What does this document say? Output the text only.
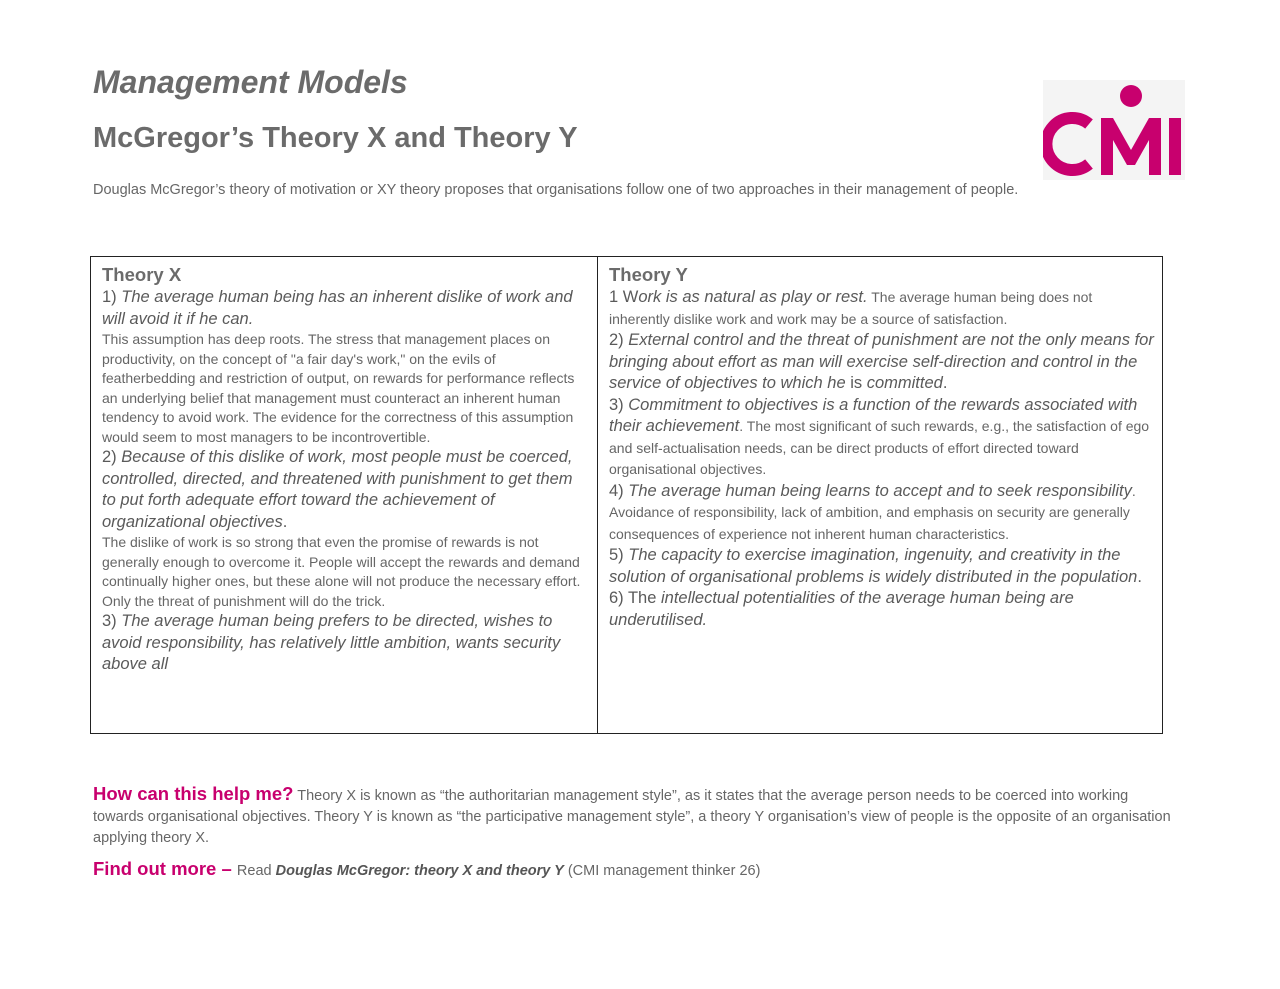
Management Models
McGregor’s Theory X and Theory Y

Douglas McGregor’s theory of motivation or XY theory proposes that organisations follow one of two approaches in their management of people.

Theory X

1) The average human being has an inherent dislike of work and will avoid it if he can.

This assumption has deep roots. The stress that management places on productivity, on the concept of "a fair day's work," on the evils of featherbedding and restriction of output, on rewards for performance reflects an underlying belief that management must counteract an inherent human tendency to avoid work. The evidence for the correctness of this assumption would seem to most managers to be incontrovertible.

2) Because of this dislike of work, most people must be coerced, controlled, directed, and threatened with punishment to get them to put forth adequate effort toward the achievement of organizational objectives.

The dislike of work is so strong that even the promise of rewards is not generally enough to overcome it. People will accept the rewards and demand continually higher ones, but these alone will not produce the necessary effort. Only the threat of punishment will do the trick.

3) The average human being prefers to be directed, wishes to avoid responsibility, has relatively little ambition, wants security above all

Theory Y

1 Work is as natural as play or rest. The average human being does not inherently dislike work and work may be a source of satisfaction.

2) External control and the threat of punishment are not the only means for bringing about effort as man will exercise self-direction and control in the service of objectives to which he is committed.

3) Commitment to objectives is a function of the rewards associated with their achievement. The most significant of such rewards, e.g., the satisfaction of ego and self-actualisation needs, can be direct products of effort directed toward organisational objectives.

4) The average human being learns to accept and to seek responsibility. Avoidance of responsibility, lack of ambition, and emphasis on security are generally consequences of experience not inherent human characteristics.

5) The capacity to exercise imagination, ingenuity, and creativity in the solution of organisational problems is widely distributed in the population.

6) The intellectual potentialities of the average human being are underutilised.

How can this help me? Theory X is known as “the authoritarian management style”, as it states that the average person needs to be coerced into working towards organisational objectives. Theory Y is known as “the participative management style”, a theory Y organisation’s view of people is the opposite of an organisation applying theory X.

Find out more – Read Douglas McGregor: theory X and theory Y (CMI management thinker 26)
